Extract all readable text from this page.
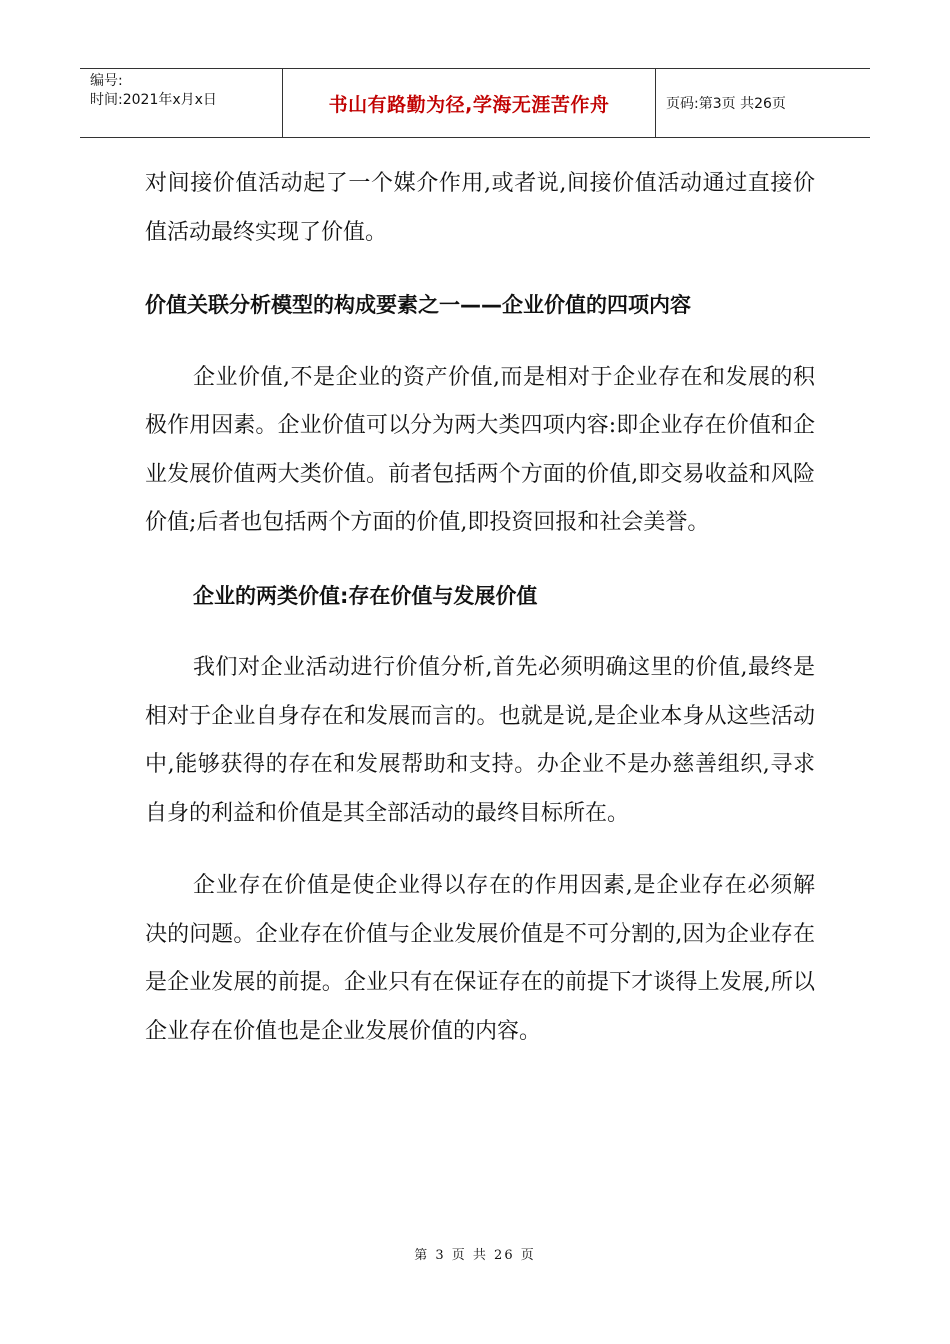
编号:
时间:2021年x月x日	书山有路勤为径,学海无涯苦作舟	页码:第3页 共26页

对间接价值活动起了一个媒介作用,或者说,间接价值活动通过直接价值活动最终实现了价值。

价值关联分析模型的构成要素之一——企业价值的四项内容

企业价值,不是企业的资产价值,而是相对于企业存在和发展的积极作用因素。企业价值可以分为两大类四项内容:即企业存在价值和企业发展价值两大类价值。前者包括两个方面的价值,即交易收益和风险价值;后者也包括两个方面的价值,即投资回报和社会美誉。

企业的两类价值:存在价值与发展价值

我们对企业活动进行价值分析,首先必须明确这里的价值,最终是相对于企业自身存在和发展而言的。也就是说,是企业本身从这些活动中,能够获得的存在和发展帮助和支持。办企业不是办慈善组织,寻求自身的利益和价值是其全部活动的最终目标所在。

企业存在价值是使企业得以存在的作用因素,是企业存在必须解决的问题。企业存在价值与企业发展价值是不可分割的,因为企业存在是企业发展的前提。企业只有在保证存在的前提下才谈得上发展,所以企业存在价值也是企业发展价值的内容。

第 3 页 共 26 页
